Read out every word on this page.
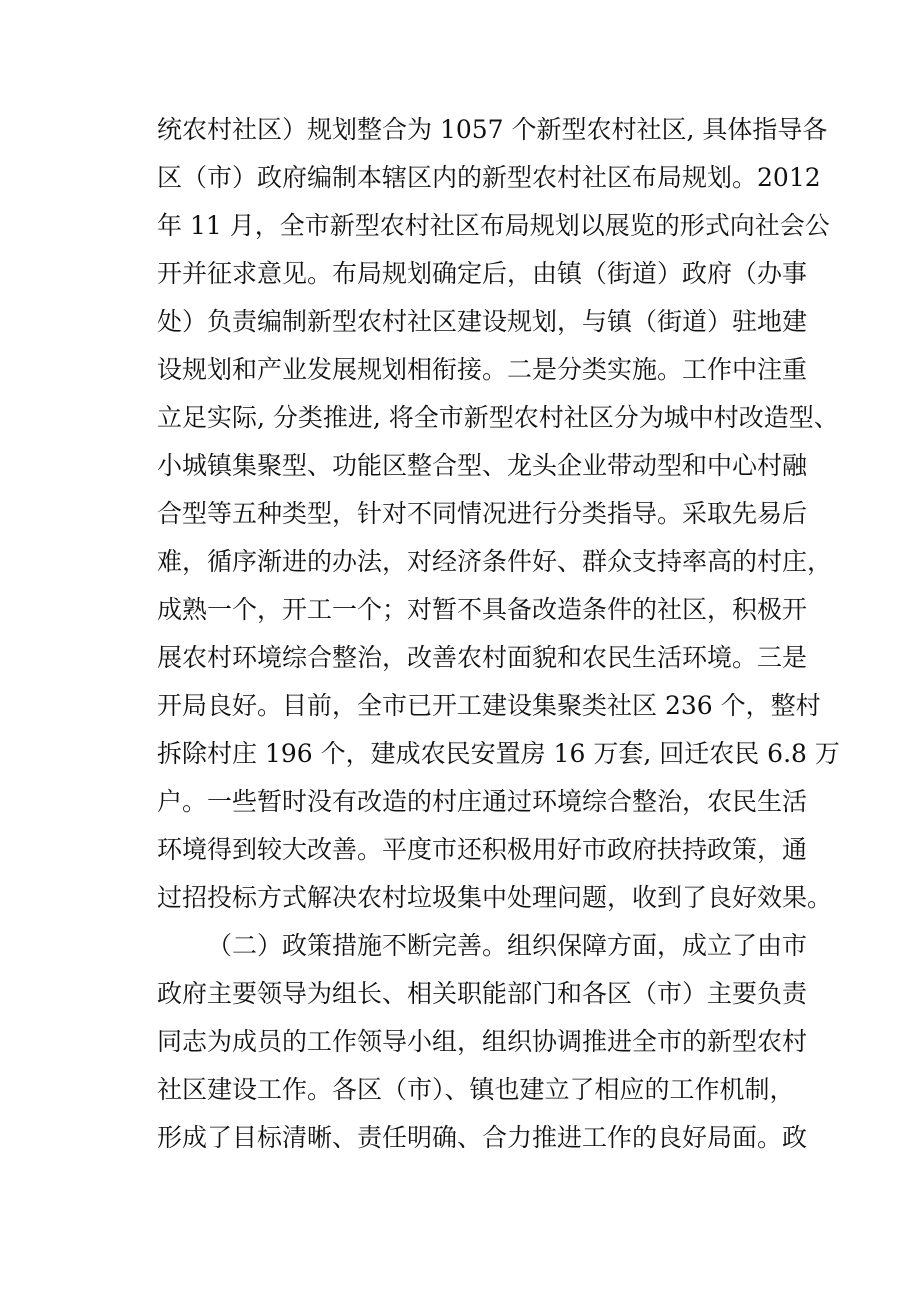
统农村社区）规划整合为 1057 个新型农村社区, 具体指导各
区（市）政府编制本辖区内的新型农村社区布局规划。2012
年 11 月，全市新型农村社区布局规划以展览的形式向社会公
开并征求意见。布局规划确定后，由镇（街道）政府（办事
处）负责编制新型农村社区建设规划，与镇（街道）驻地建
设规划和产业发展规划相衔接。二是分类实施。工作中注重
立足实际, 分类推进, 将全市新型农村社区分为城中村改造型、
小城镇集聚型、功能区整合型、龙头企业带动型和中心村融
合型等五种类型，针对不同情况进行分类指导。采取先易后
难，循序渐进的办法，对经济条件好、群众支持率高的村庄，
成熟一个，开工一个；对暂不具备改造条件的社区，积极开
展农村环境综合整治，改善农村面貌和农民生活环境。三是
开局良好。目前，全市已开工建设集聚类社区 236 个，整村
拆除村庄 196 个，建成农民安置房 16 万套, 回迁农民 6.8 万
户。一些暂时没有改造的村庄通过环境综合整治，农民生活
环境得到较大改善。平度市还积极用好市政府扶持政策，通
过招投标方式解决农村垃圾集中处理问题，收到了良好效果。
（二）政策措施不断完善。组织保障方面，成立了由市
政府主要领导为组长、相关职能部门和各区（市）主要负责
同志为成员的工作领导小组，组织协调推进全市的新型农村
社区建设工作。各区（市）、镇也建立了相应的工作机制，
形成了目标清晰、责任明确、合力推进工作的良好局面。政
